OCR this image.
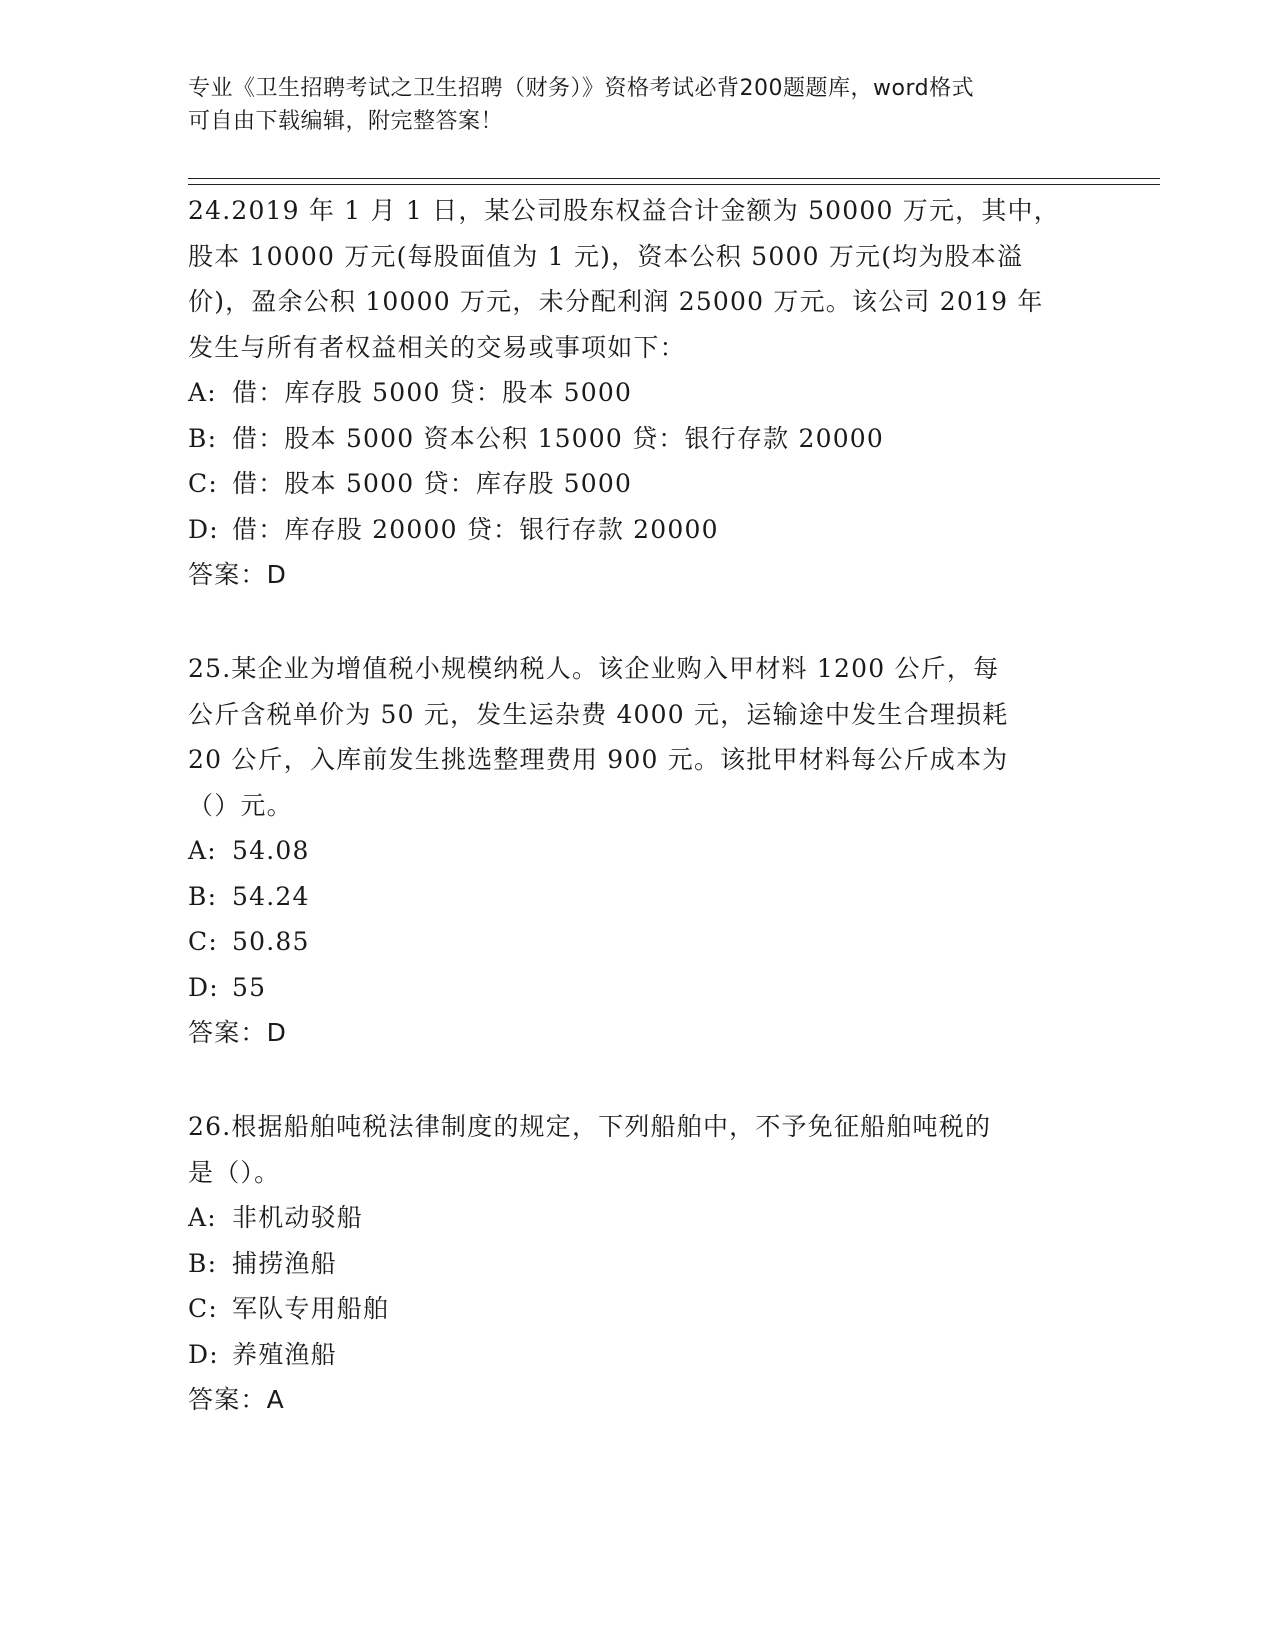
专业《卫生招聘考试之卫生招聘（财务）》资格考试必背200题题库，word格式
可自由下载编辑，附完整答案！
24.2019 年 1 月 1 日，某公司股东权益合计金额为 50000 万元，其中，
股本 10000 万元(每股面值为 1 元)，资本公积 5000 万元(均为股本溢
价)，盈余公积 10000 万元，未分配利润 25000 万元。该公司 2019 年
发生与所有者权益相关的交易或事项如下：
A: 借：库存股 5000 贷：股本 5000
B: 借：股本 5000 资本公积 15000 贷：银行存款 20000
C: 借：股本 5000 贷：库存股 5000
D: 借：库存股 20000 贷：银行存款 20000
答案：D
25.某企业为增值税小规模纳税人。该企业购入甲材料 1200 公斤，每
公斤含税单价为 50 元，发生运杂费 4000 元，运输途中发生合理损耗
20 公斤，入库前发生挑选整理费用 900 元。该批甲材料每公斤成本为
（）元。
A: 54.08
B: 54.24
C: 50.85
D: 55
答案：D
26.根据船舶吨税法律制度的规定，下列船舶中，不予免征船舶吨税的
是（）。
A: 非机动驳船
B: 捕捞渔船
C: 军队专用船舶
D: 养殖渔船
答案：A
